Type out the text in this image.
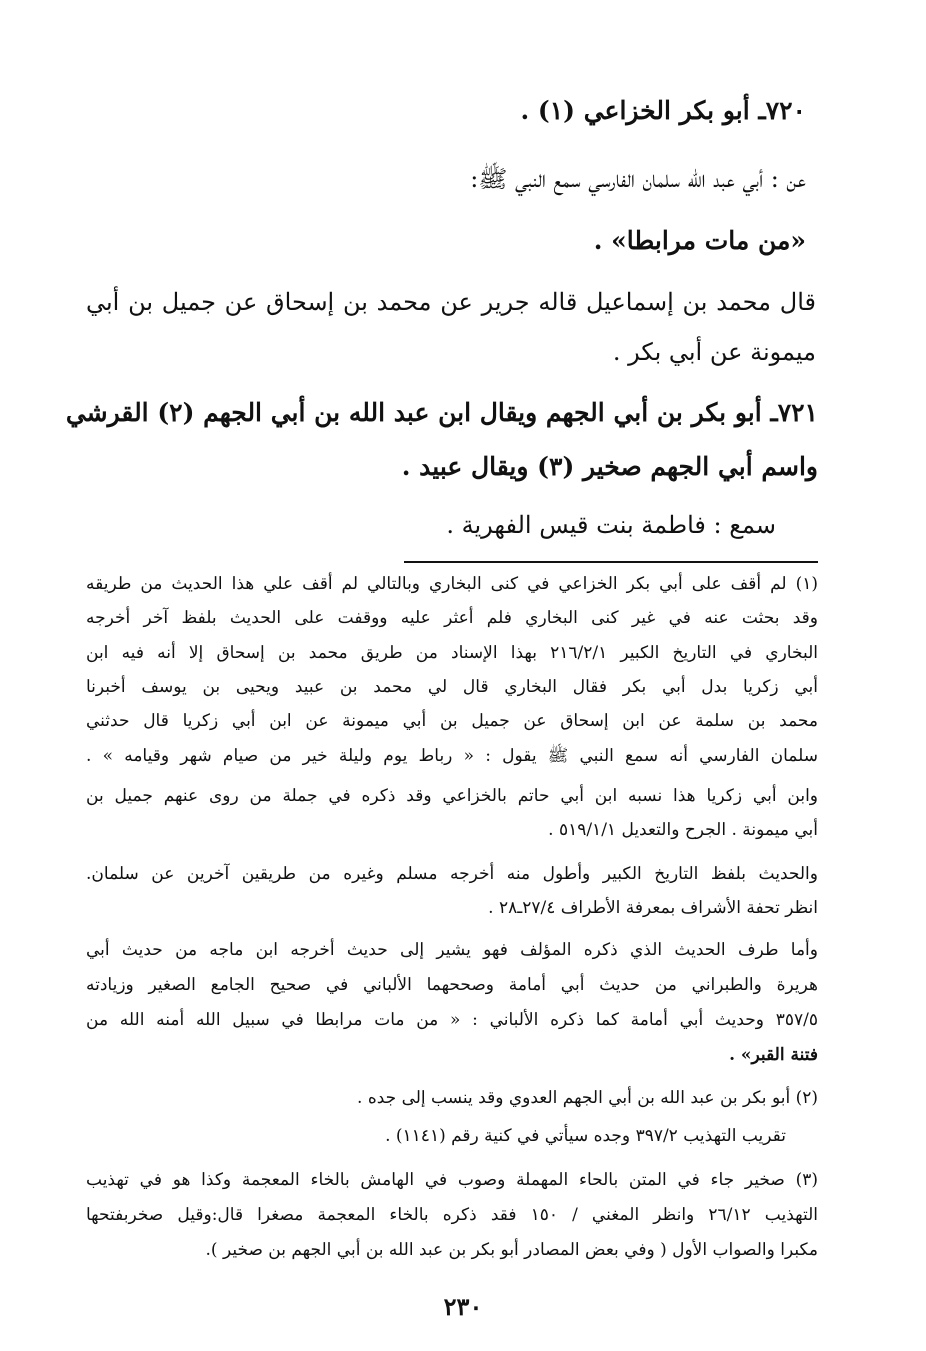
٧٢٠ـ أبو بكر الخزاعي (١) .
عن : أبي عبد الله سلمان الفارسي سمع النبي ﷺ:
«من مات مرابطا» .
قال محمد بن إسماعيل قاله جرير عن محمد بن إسحاق عن جميل بن أبي
ميمونة عن أبي بكر .
٧٢١ـ أبو بكر بن أبي الجهم ويقال ابن عبد الله بن أبي الجهم (٢) القرشي
واسم أبي الجهم صخير (٣) ويقال عبيد .
سمع : فاطمة بنت قيس الفهرية .
(١) لم أقف على أبي بكر الخزاعي في كنى البخاري وبالتالي لم أقف علي هذا الحديث من طريقه
وقد بحثت عنه في غير كنى البخاري فلم أعثر عليه ووقفت على الحديث بلفظ آخر أخرجه
البخاري في التاريخ الكبير ٢١٦/٢/١ بهذا الإسناد من طريق محمد بن إسحاق إلا أنه فيه ابن
أبي زكريا بدل أبي بكر فقال البخاري قال لي محمد بن عبيد ويحيى بن يوسف أخبرنا
محمد بن سلمة عن ابن إسحاق عن جميل بن أبي ميمونة عن ابن أبي زكريا قال حدثني
سلمان الفارسي أنه سمع النبي ﷺ يقول : « رباط يوم وليلة خير من صيام شهر وقيامه » .
وابن أبي زكريا هذا نسبه ابن أبي حاتم بالخزاعي وقد ذكره في جملة من روى عنهم جميل بن
أبي ميمونة . الجرح والتعديل ٥١٩/١/١ .
والحديث بلفظ التاريخ الكبير وأطول منه أخرجه مسلم وغيره من طريقين آخرين عن سلمان.
انظر تحفة الأشراف بمعرفة الأطراف ٢٧/٤ـ٢٨ .
وأما طرف الحديث الذي ذكره المؤلف فهو يشير إلى حديث أخرجه ابن ماجه من حديث أبي
هريرة والطبراني من حديث أبي أمامة وصححهما الألباني في صحيح الجامع الصغير وزيادته
٣٥٧/٥ وحديث أبي أمامة كما ذكره الألباني : « من مات مرابطا في سبيل الله أمنه الله من
فتنة القبر» .
(٢) أبو بكر بن عبد الله بن أبي الجهم العدوي وقد ينسب إلى جده .
تقريب التهذيب ٣٩٧/٢ وجده سيأتي في كنية رقم (١١٤١) .
(٣) صخير جاء في المتن بالحاء المهملة وصوب في الهامش بالخاء المعجمة وكذا هو في تهذيب
التهذيب ٢٦/١٢ وانظر المغني / ١٥٠ فقد ذكره بالخاء المعجمة مصغرا قال:وقيل صخربفتحها
مكبرا والصواب الأول ( وفي بعض المصادر أبو بكر بن عبد الله بن أبي الجهم بن صخير ).
٢٣٠
